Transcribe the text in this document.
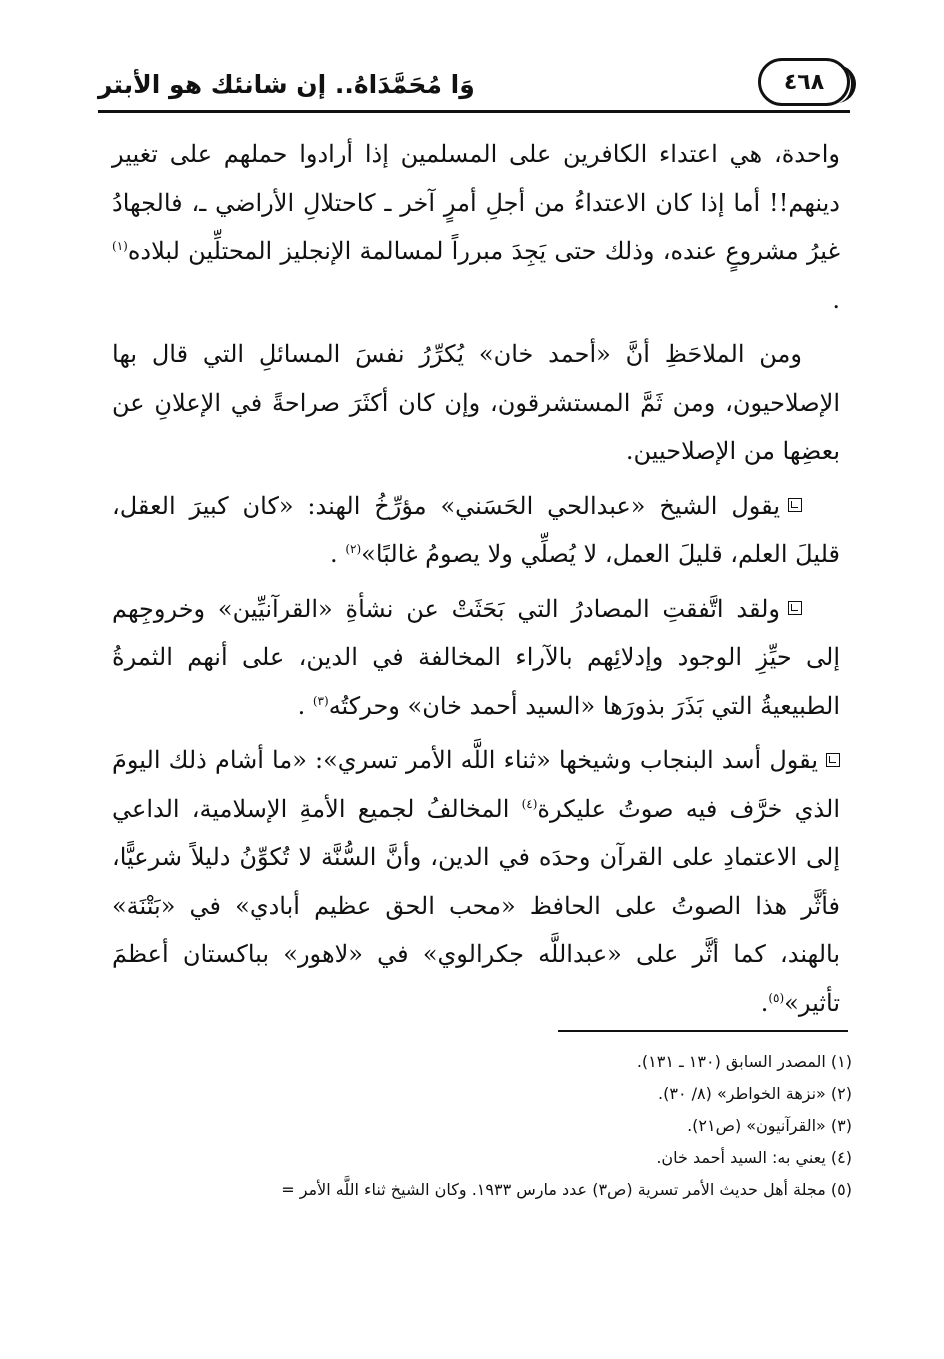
٤٦٨
وَا مُحَمَّدَاهُ.. إن شانئك هو الأبتر

واحدة، هي اعتداء الكافرين على المسلمين إذا أرادوا حملهم على تغيير دينهم!! أما إذا كان الاعتداءُ من أجلِ أمرٍ آخر ـ كاحتلالِ الأراضي ـ، فالجهادُ غيرُ مشروعٍ عنده، وذلك حتى يَجِدَ مبرراً لمسالمة الإنجليز المحتلِّين لبلاده$^{(١)}$ .

ومن الملاحَظِ أنَّ «أحمد خان» يُكرِّرُ نفسَ المسائلِ التي قال بها الإصلاحيون، ومن ثَمَّ المستشرقون، وإن كان أكثَرَ صراحةً في الإعلانِ عن بعضِها من الإصلاحيين.

يقول الشيخ «عبدالحي الحَسَني» مؤرِّخُ الهند: «كان كبيرَ العقل، قليلَ العلم، قليلَ العمل، لا يُصلِّي ولا يصومُ غالبًا»$^{(٢)}$ .

ولقد اتَّفقتِ المصادرُ التي بَحَثَتْ عن نشأةِ «القرآنيِّين» وخروجِهم إلى حيِّزِ الوجود وإدلائِهم بالآراء المخالفة في الدين، على أنهم الثمرةُ الطبيعيةُ التي بَذَرَ بذورَها «السيد أحمد خان» وحركتُه$^{(٣)}$ .

يقول أسد البنجاب وشيخها «ثناء اللَّه الأمر تسري»: «ما أشام ذلك اليومَ الذي خرَّف فيه صوتُ عليكرة$^{(٤)}$ المخالفُ لجميع الأمةِ الإسلامية، الداعي إلى الاعتمادِ على القرآن وحدَه في الدين، وأنَّ السُّنَّة لا تُكوِّنُ دليلاً شرعيًّا، فأثَّر هذا الصوتُ على الحافظ «محب الحق عظيم أبادي» في «بَتْنَة» بالهند، كما أثَّر على «عبداللَّه جكرالوي» في «لاهور» بباكستان أعظمَ تأثير»$^{(٥)}$.

(١) المصدر السابق (١٣٠ ـ ١٣١).
(٢) «نزهة الخواطر» (٨/ ٣٠).
(٣) «القرآنيون» (ص٢١).
(٤) يعني به: السيد أحمد خان.
(٥) مجلة أهل حديث الأمر تسرية (ص٣) عدد مارس ١٩٣٣. وكان الشيخ ثناء اللَّه الأمر =
